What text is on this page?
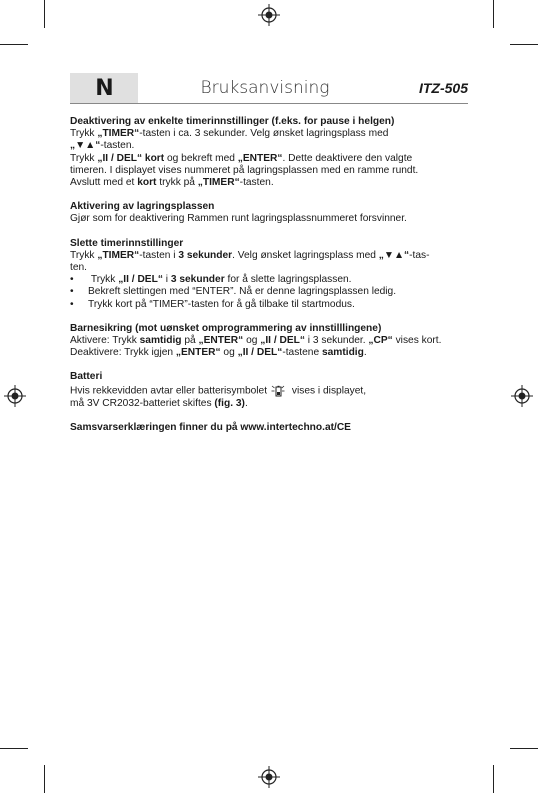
N	Bruksanvisning	ITZ-505

Deaktivering av enkelte timerinnstillinger (f.eks. for pause i helgen)

Trykk „TIMER“-tasten i ca. 3 sekunder. Velg ønsket lagringsplass med

„▼▲“-tasten.

Trykk „II / DEL“ kort og bekreft med „ENTER“. Dette deaktivere den valgte

timeren. I displayet vises nummeret på lagringsplassen med en ramme rundt.

Avslutt med et kort trykk på „TIMER“-tasten.

Aktivering av lagringsplassen

Gjør som for deaktivering Rammen runt lagringsplassnummeret forsvinner.

Slette timerinnstillinger

Trykk „TIMER“-tasten i 3 sekunder. Velg ønsket lagringsplass med „▼▲“-tas-

ten.

•	Trykk „II / DEL“ i 3 sekunder for å slette lagringsplassen.
•	Bekreft slettingen med “ENTER”. Nå er denne lagringsplassen ledig.
•	Trykk kort på “TIMER”-tasten for å gå tilbake til startmodus.

Barnesikring (mot uønsket omprogrammering av innstilllingene)

Aktivere: Trykk samtidig på „ENTER“ og „II / DEL“ i 3 sekunder. „CP“ vises kort.

Deaktivere: Trykk igjen „ENTER“ og „II / DEL“-tastene samtidig.

Batteri

Hvis rekkevidden avtar eller batterisymbolet vises i displayet,

må 3V CR2032-batteriet skiftes (fig. 3).

Samsvarserklæringen finner du på www.intertechno.at/CE
